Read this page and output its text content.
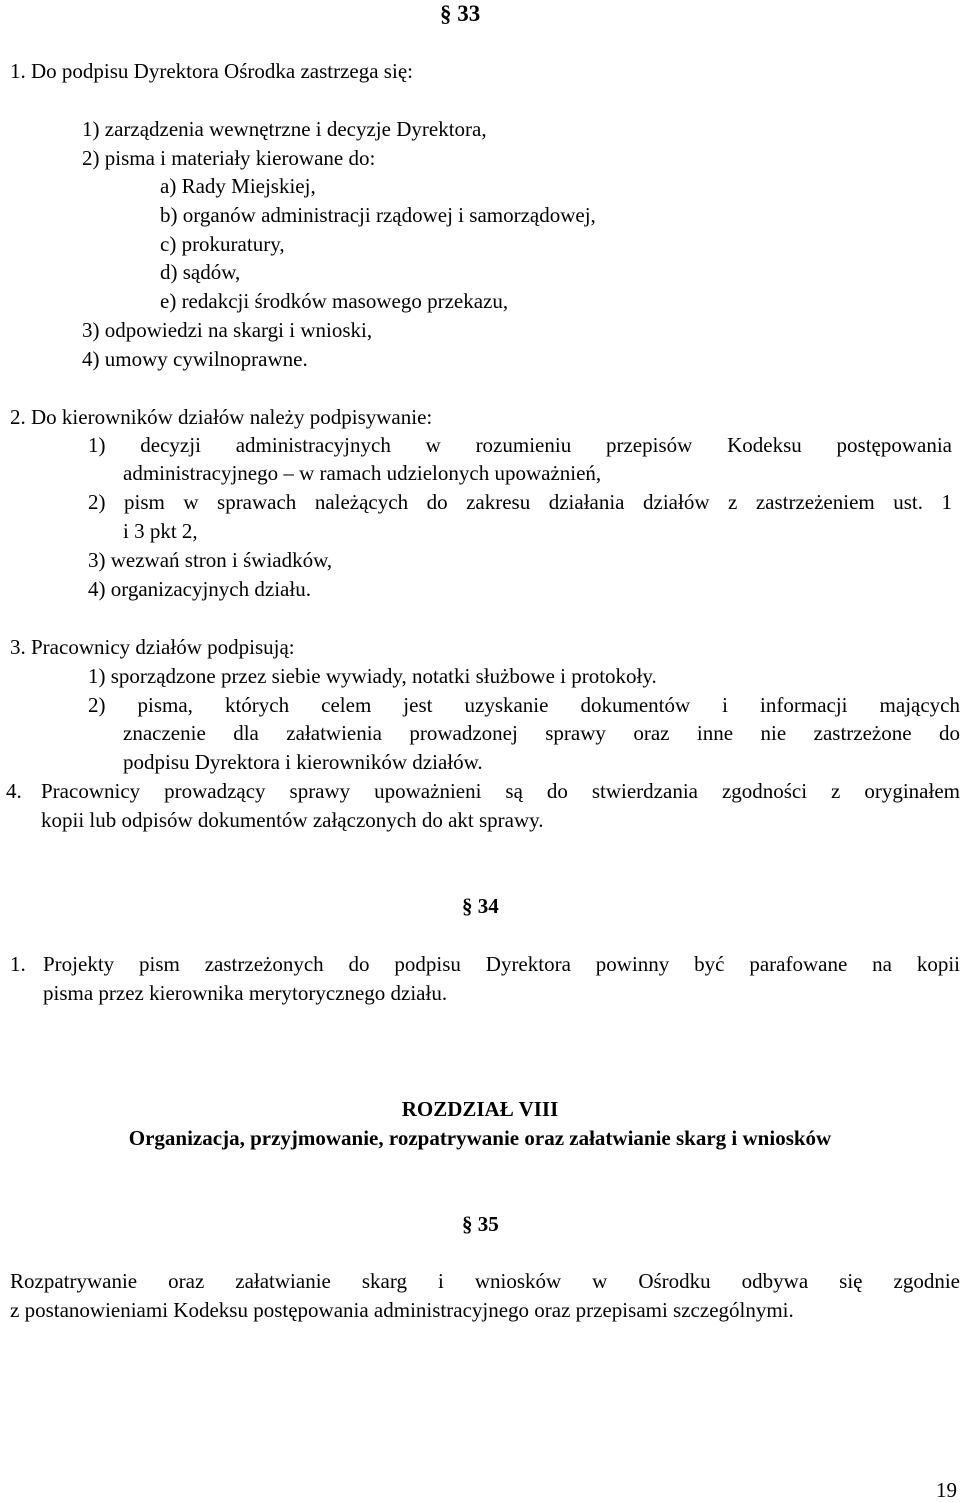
§ 33
1. Do podpisu Dyrektora Ośrodka zastrzega się:
1) zarządzenia wewnętrzne i decyzje Dyrektora,
2) pisma i materiały kierowane do:
a) Rady Miejskiej,
b) organów administracji rządowej i samorządowej,
c) prokuratury,
d) sądów,
e) redakcji środków masowego przekazu,
3) odpowiedzi na skargi i wnioski,
4) umowy cywilnoprawne.
2. Do kierowników działów należy podpisywanie:
1) decyzji administracyjnych w rozumieniu przepisów Kodeksu postępowania
administracyjnego – w ramach udzielonych upoważnień,
2) pism w sprawach należących do zakresu działania działów z zastrzeżeniem ust. 1
i 3 pkt 2,
3) wezwań stron i świadków,
4) organizacyjnych działu.
3. Pracownicy działów podpisują:
1) sporządzone przez siebie wywiady, notatki służbowe i protokoły.
2) pisma, których celem jest uzyskanie dokumentów i informacji mających
znaczenie dla załatwienia prowadzonej sprawy oraz inne nie zastrzeżone do
podpisu Dyrektora i kierowników działów.
4. Pracownicy prowadzący sprawy upoważnieni są do stwierdzania zgodności z oryginałem
kopii lub odpisów dokumentów załączonych do akt sprawy.
§ 34
1. Projekty pism zastrzeżonych do podpisu Dyrektora powinny być parafowane na kopii
pisma przez kierownika merytorycznego działu.
ROZDZIAŁ VIII
Organizacja, przyjmowanie, rozpatrywanie oraz załatwianie skarg i wniosków
§ 35
Rozpatrywanie oraz załatwianie skarg i wniosków w Ośrodku odbywa się zgodnie
z postanowieniami Kodeksu postępowania administracyjnego oraz przepisami szczególnymi.
19
